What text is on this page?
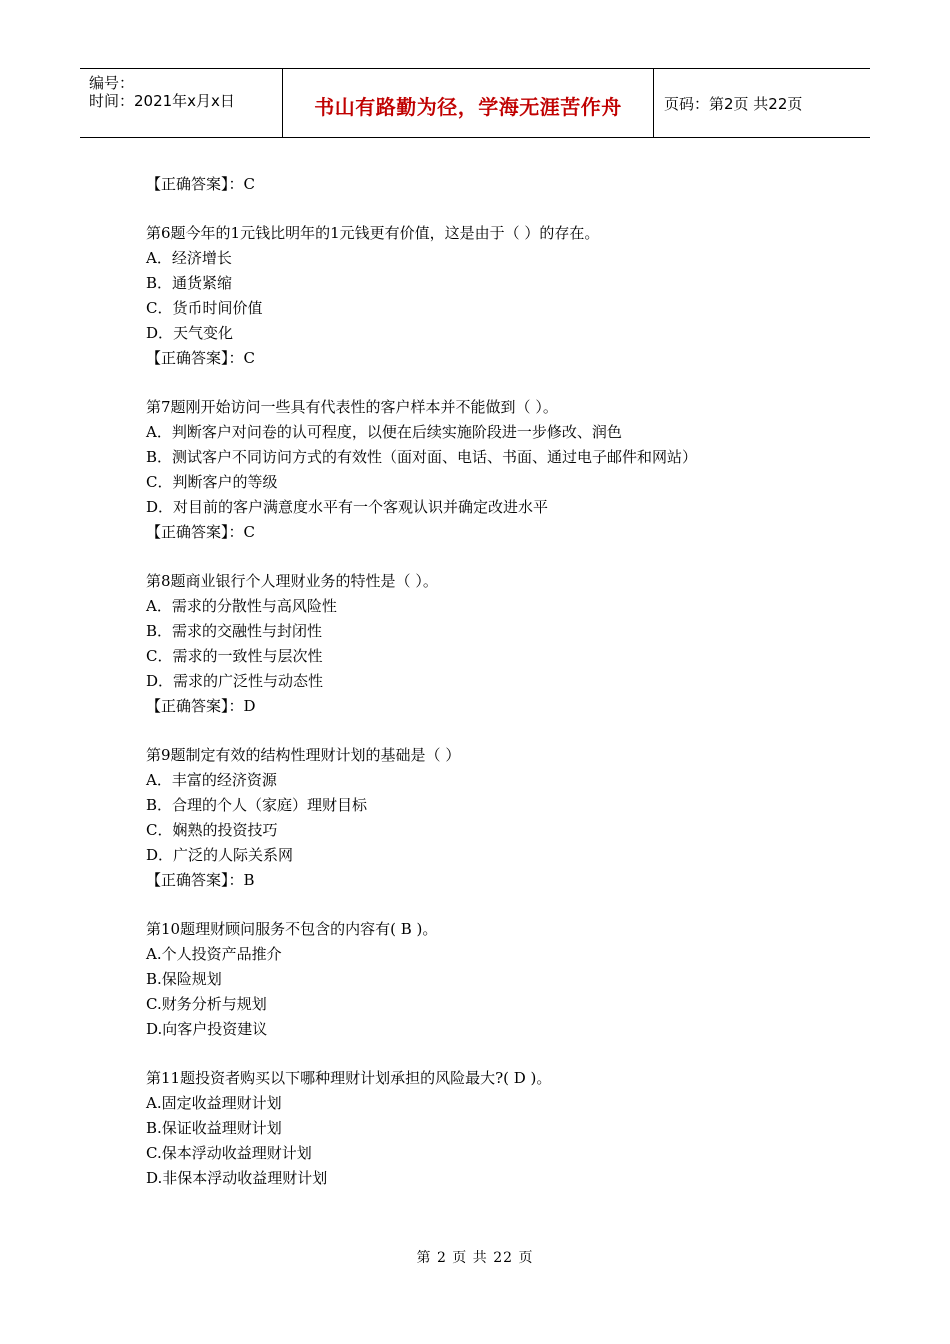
编号：
时间：2021年x月x日	书山有路勤为径，学海无涯苦作舟	页码：第2页 共22页
【正确答案】：C
第6题今年的1元钱比明年的1元钱更有价值，这是由于（ ）的存在。
A．经济增长
B．通货紧缩
C．货币时间价值
D．天气变化
【正确答案】：C
第7题刚开始访问一些具有代表性的客户样本并不能做到（ ）。
A．判断客户对问卷的认可程度，以便在后续实施阶段进一步修改、润色
B．测试客户不同访问方式的有效性（面对面、电话、书面、通过电子邮件和网站）
C．判断客户的等级
D．对目前的客户满意度水平有一个客观认识并确定改进水平
【正确答案】：C
第8题商业银行个人理财业务的特性是（ ）。
A．需求的分散性与高风险性
B．需求的交融性与封闭性
C．需求的一致性与层次性
D．需求的广泛性与动态性
【正确答案】：D
第9题制定有效的结构性理财计划的基础是（ ）
A．丰富的经济资源
B．合理的个人（家庭）理财目标
C．娴熟的投资技巧
D．广泛的人际关系网
【正确答案】：B
第10题理财顾问服务不包含的内容有( B )。
A.个人投资产品推介
B.保险规划
C.财务分析与规划
D.向客户投资建议
第11题投资者购买以下哪种理财计划承担的风险最大?( D )。
A.固定收益理财计划
B.保证收益理财计划
C.保本浮动收益理财计划
D.非保本浮动收益理财计划
第 2 页 共 22 页
